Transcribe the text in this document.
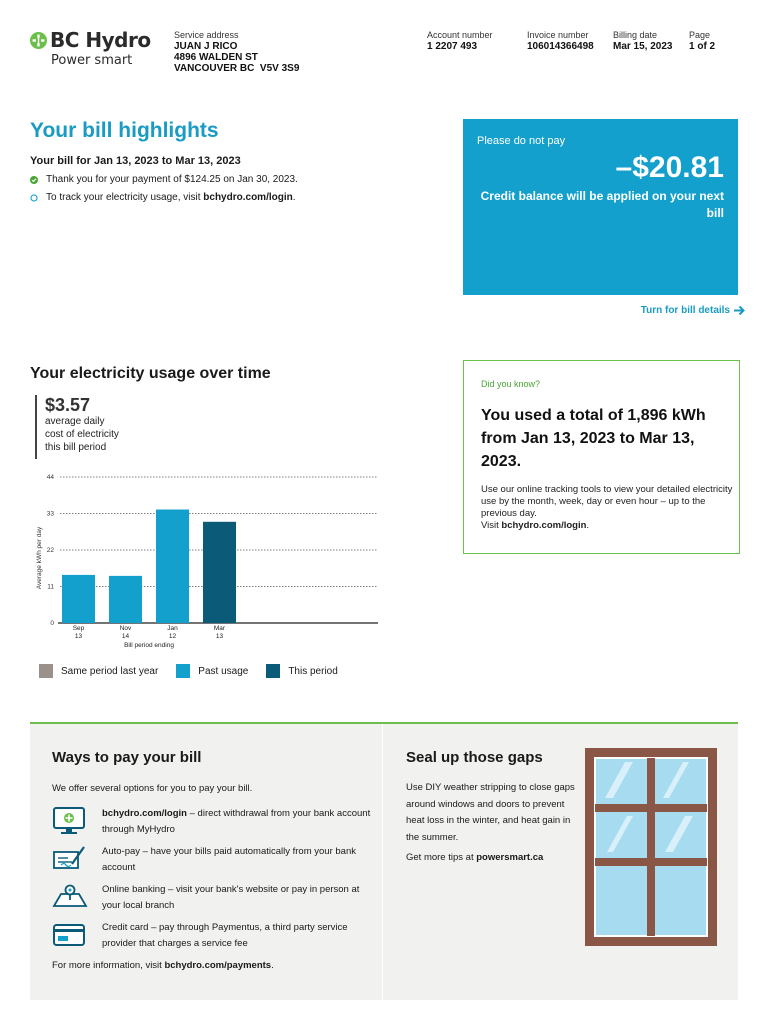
BC Hydro
Power smart
Service address
JUAN J RICO
4896 WALDEN ST
VANCOUVER BC  V5V 3S9
Account number
1 2207 493
Invoice number
106014366498
Billing date
Mar 15, 2023
Page
1 of 2
Your bill highlights
Your bill for Jan 13, 2023 to Mar 13, 2023
Thank you for your payment of $124.25 on Jan 30, 2023.
To track your electricity usage, visit bchydro.com/login.
Please do not pay
–$20.81
Credit balance will be applied on your next bill
Turn for bill details
Your electricity usage over time
$3.57
average daily
cost of electricity
this bill period
0
11
22
33
44
Average kWh per day
Sep
13
Nov
14
Jan
12
Mar
13
Bill period ending
Same period last year	Past usage	This period
Did you know?
You used a total of 1,896 kWh from Jan 13, 2023 to Mar 13, 2023.
Use our online tracking tools to view your detailed electricity use by the month, week, day or even hour – up to the previous day.
Visit bchydro.com/login.
Ways to pay your bill
We offer several options for you to pay your bill.
bchydro.com/login – direct withdrawal from your bank account through MyHydro
Auto-pay – have your bills paid automatically from your bank account
Online banking – visit your bank's website or pay in person at your local branch
Credit card – pay through Paymentus, a third party service provider that charges a service fee
For more information, visit bchydro.com/payments.
Seal up those gaps
Use DIY weather stripping to close gaps around windows and doors to prevent heat loss in the winter, and heat gain in the summer.
Get more tips at powersmart.ca
